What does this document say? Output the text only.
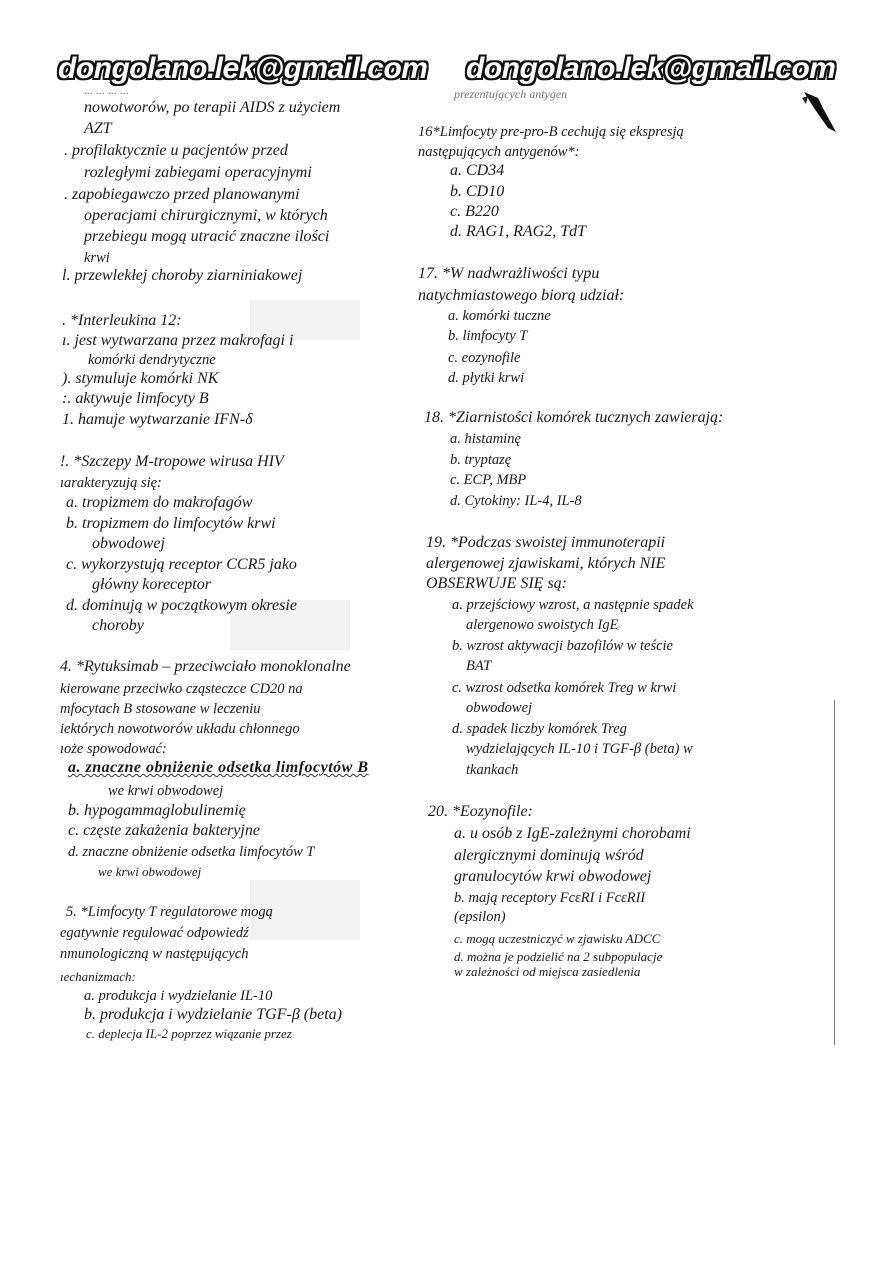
dongolano.lek@gmail.com dongolano.lek@gmail.com
... ... ... ...
nowotworów, po terapii AIDS z użyciem
AZT
. profilaktycznie u pacjentów przed
rozległymi zabiegami operacyjnymi
. zapobiegawczo przed planowanymi
operacjami chirurgicznymi, w których
przebiegu mogą utracić znaczne ilości
krwi
l. przewlekłej choroby ziarniniakowej
. *Interleukina 12:
ı. jest wytwarzana przez makrofagi i
komórki dendrytyczne
). stymuluje komórki NK
:. aktywuje limfocyty B
1. hamuje wytwarzanie IFN-δ
!. *Szczepy M-tropowe wirusa HIV
ıarakteryzują się:
a. tropizmem do makrofagów
b. tropizmem do limfocytów krwi
obwodowej
c. wykorzystują receptor CCR5 jako
główny koreceptor
d. dominują w początkowym okresie
choroby
4. *Rytuksimab – przeciwciało monoklonalne
kierowane przeciwko cząsteczce CD20 na
mfocytach B stosowane w leczeniu
iektórych nowotworów układu chłonnego
ıoże spowodować:
a. znaczne obniżenie odsetka limfocytów B
we krwi obwodowej
b. hypogammaglobulinemię
c. częste zakażenia bakteryjne
d. znaczne obniżenie odsetka limfocytów T
we krwi obwodowej
5. *Limfocyty T regulatorowe mogą
egatywnie regulować odpowiedź
nmunologiczną w następujących
ıechanizmach:
a. produkcja i wydzielanie IL-10
b. produkcja i wydzielanie TGF-β (beta)
c. deplecja IL-2 poprzez wiązanie przez
prezentujących antygen
16*Limfocyty pre-pro-B cechują się ekspresją
następujących antygenów*:
a. CD34
b. CD10
c. B220
d. RAG1, RAG2, TdT
17. *W nadwrażliwości typu
natychmiastowego biorą udział:
a. komórki tuczne
b. limfocyty T
c. eozynofile
d. płytki krwi
18. *Ziarnistości komórek tucznych zawierają:
a. histaminę
b. tryptazę
c. ECP, MBP
d. Cytokiny: IL-4, IL-8
19. *Podczas swoistej immunoterapii
alergenowej zjawiskami, których NIE
OBSERWUJE SIĘ są:
a. przejściowy wzrost, a następnie spadek
alergenowo swoistych IgE
b. wzrost aktywacji bazofilów w teście
BAT
c. wzrost odsetka komórek Treg w krwi
obwodowej
d. spadek liczby komórek Treg
wydzielających IL-10 i TGF-β (beta) w
tkankach
20. *Eozynofile:
a. u osób z IgE-zależnymi chorobami
alergicznymi dominują wśród
granulocytów krwi obwodowej
b. mają receptory FcεRI i FcεRII
(epsilon)
c. mogą uczestniczyć w zjawisku ADCC
d. można je podzielić na 2 subpopulacje
w zależności od miejsca zasiedlenia
